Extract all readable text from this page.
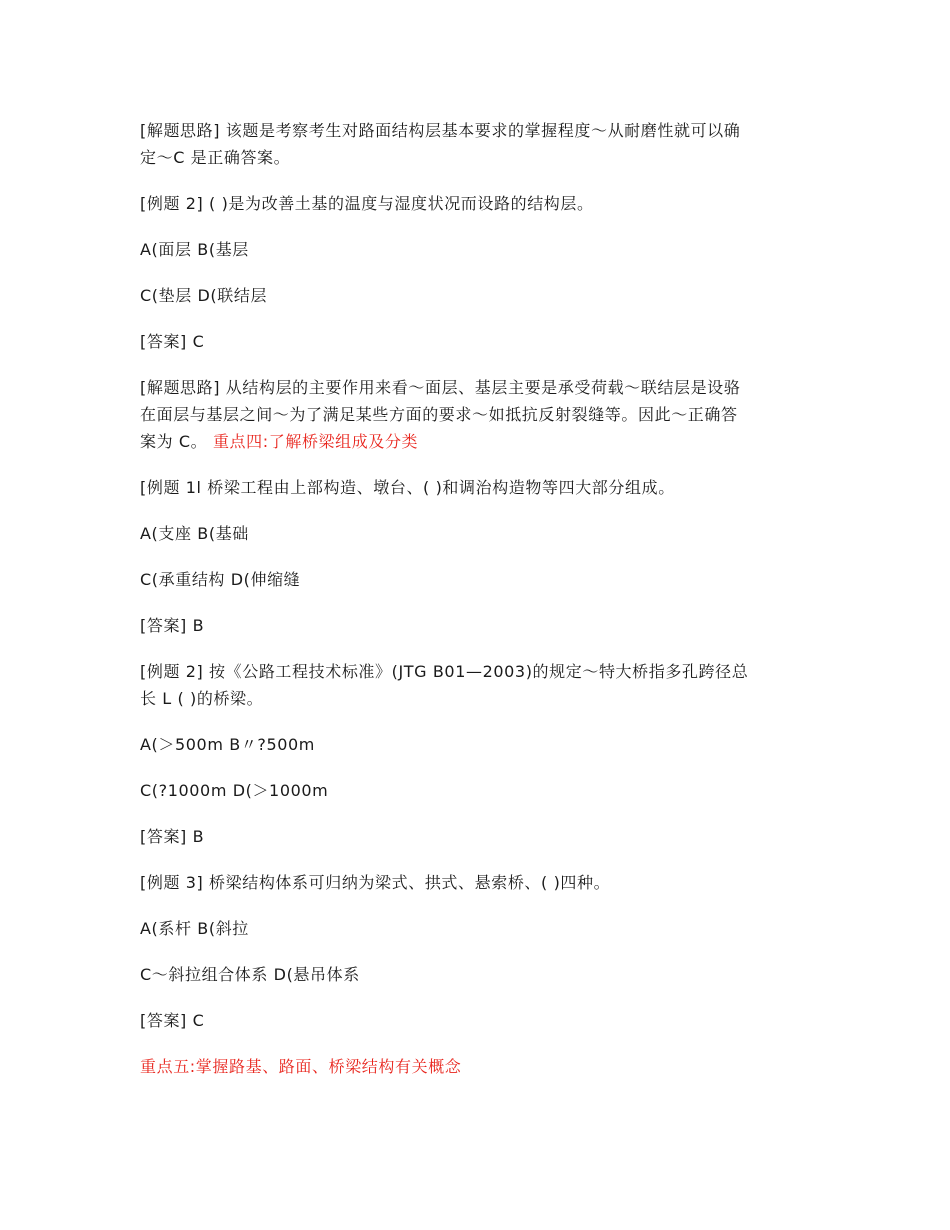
[解题思路] 该题是考察考生对路面结构层基本要求的掌握程度～从耐磨性就可以确
定～C 是正确答案。

[例题 2] ( )是为改善土基的温度与湿度状况而设路的结构层。

A(面层 B(基层

C(垫层 D(联结层

[答案] C

[解题思路] 从结构层的主要作用来看～面层、基层主要是承受荷载～联结层是设骆
在面层与基层之间～为了满足某些方面的要求～如抵抗反射裂缝等。因此～正确答
案为 C。 重点四:了解桥梁组成及分类

[例题 1l 桥梁工程由上部构造、墩台、( )和调治构造物等四大部分组成。

A(支座 B(基础

C(承重结构 D(伸缩缝

[答案] B

[例题 2] 按《公路工程技术标准》(JTG B01—2003)的规定～特大桥指多孔跨径总
长 L ( )的桥梁。

A(＞500m B〃?500m

C(?1000m D(＞1000m

[答案] B

[例题 3] 桥梁结构体系可归纳为梁式、拱式、悬索桥、( )四种。

A(系杆 B(斜拉

C～斜拉组合体系 D(悬吊体系

[答案] C

重点五:掌握路基、路面、桥梁结构有关概念
